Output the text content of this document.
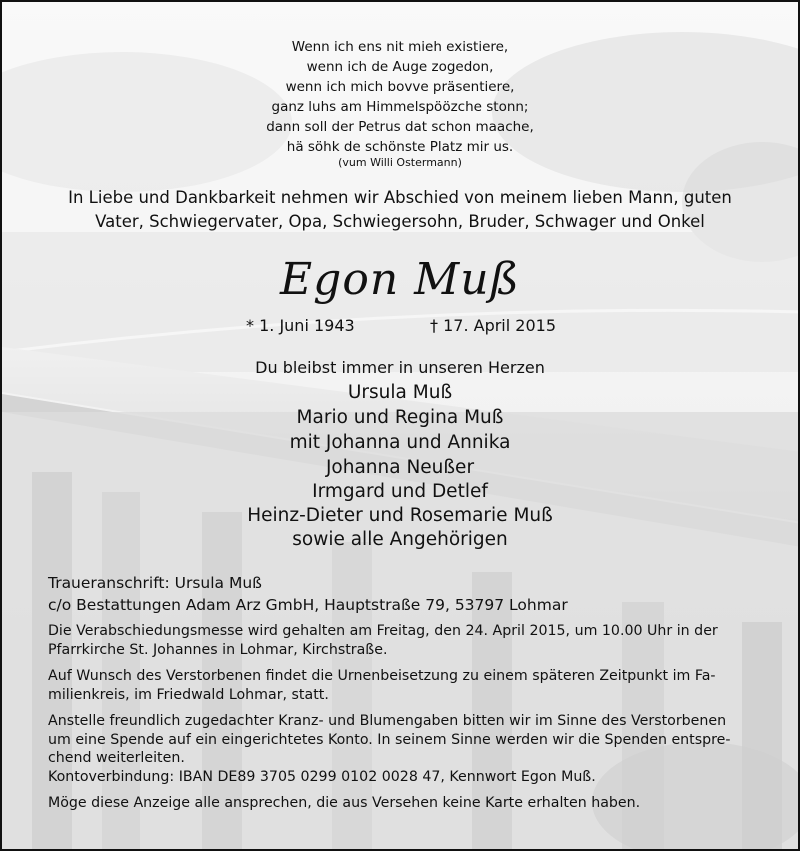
Wenn ich ens nit mieh existiere,
wenn ich de Auge zogedon,
wenn ich mich bovve präsentiere,
ganz luhs am Himmelspöözche stonn;
dann soll der Petrus dat schon maache,
hä söhk de schönste Platz mir us.
(vum Willi Ostermann)
In Liebe und Dankbarkeit nehmen wir Abschied von meinem lieben Mann, guten
Vater, Schwiegervater, Opa, Schwiegersohn, Bruder, Schwager und Onkel
Egon Muß
* 1. Juni 1943	† 17. April 2015
Du bleibst immer in unseren Herzen
Ursula Muß
Mario und Regina Muß
mit Johanna und Annika
Johanna Neußer
Irmgard und Detlef
Heinz-Dieter und Rosemarie Muß
sowie alle Angehörigen
Traueranschrift: Ursula Muß
c/o Bestattungen Adam Arz GmbH, Hauptstraße 79, 53797 Lohmar
Die Verabschiedungsmesse wird gehalten am Freitag, den 24. April 2015, um 10.00 Uhr in der
Pfarrkirche St. Johannes in Lohmar, Kirchstraße.
Auf Wunsch des Verstorbenen findet die Urnenbeisetzung zu einem späteren Zeitpunkt im Fa-
milienkreis, im Friedwald Lohmar, statt.
Anstelle freundlich zugedachter Kranz- und Blumengaben bitten wir im Sinne des Verstorbenen
um eine Spende auf ein eingerichtetes Konto. In seinem Sinne werden wir die Spenden entspre-
chend weiterleiten.
Kontoverbindung: IBAN DE89 3705 0299 0102 0028 47, Kennwort Egon Muß.
Möge diese Anzeige alle ansprechen, die aus Versehen keine Karte erhalten haben.
